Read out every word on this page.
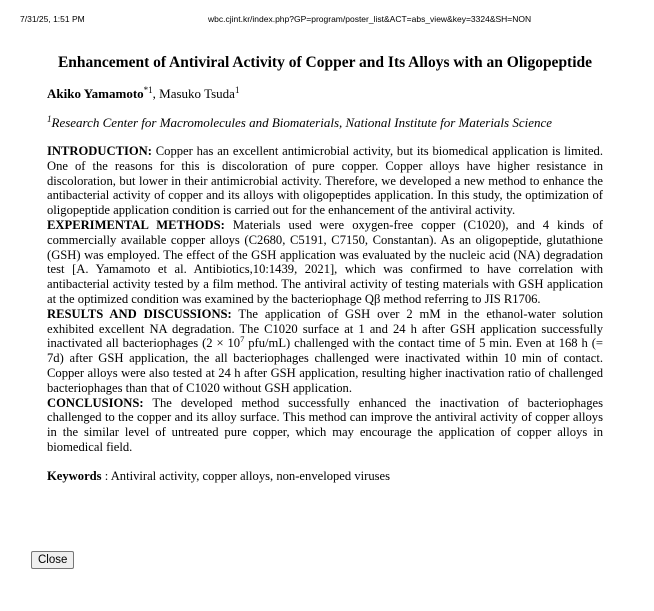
7/31/25, 1:51 PM	wbc.cjint.kr/index.php?GP=program/poster_list&ACT=abs_view&key=3324&SH=NON
Enhancement of Antiviral Activity of Copper and Its Alloys with an Oligopeptide
Akiko Yamamoto$^{*1}$, Masuko Tsuda$^1$
$^1$Research Center for Macromolecules and Biomaterials, National Institute for Materials Science

INTRODUCTION: Copper has an excellent antimicrobial activity, but its biomedical application is limited. One of the reasons for this is discoloration of pure copper. Copper alloys have higher resistance in discoloration, but lower in their antimicrobial activity. Therefore, we developed a new method to enhance the antibacterial activity of copper and its alloys with oligopeptides application. In this study, the optimization of oligopeptide application condition is carried out for the enhancement of the antiviral activity.

EXPERIMENTAL METHODS: Materials used were oxygen-free copper (C1020), and 4 kinds of commercially available copper alloys (C2680, C5191, C7150, Constantan). As an oligopeptide, glutathione (GSH) was employed. The effect of the GSH application was evaluated by the nucleic acid (NA) degradation test [A. Yamamoto et al. Antibiotics,10:1439, 2021], which was confirmed to have correlation with antibacterial activity tested by a film method. The antiviral activity of testing materials with GSH application at the optimized condition was examined by the bacteriophage Qβ method referring to JIS R1706.

RESULTS AND DISCUSSIONS: The application of GSH over 2 mM in the ethanol-water solution exhibited excellent NA degradation. The C1020 surface at 1 and 24 h after GSH application successfully inactivated all bacteriophages ($2 \times 10^7$ pfu/mL) challenged with the contact time of 5 min. Even at 168 h (= 7d) after GSH application, the all bacteriophages challenged were inactivated within 10 min of contact. Copper alloys were also tested at 24 h after GSH application, resulting higher inactivation ratio of challenged bacteriophages than that of C1020 without GSH application.

CONCLUSIONS: The developed method successfully enhanced the inactivation of bacteriophages challenged to the copper and its alloy surface. This method can improve the antiviral activity of copper alloys in the similar level of untreated pure copper, which may encourage the application of copper alloys in biomedical field.

Keywords : Antiviral activity, copper alloys, non-enveloped viruses
Close
